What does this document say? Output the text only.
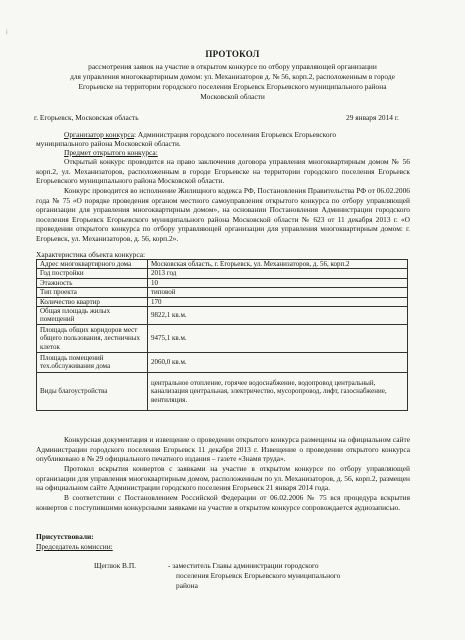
⁞
ПРОТОКОЛ
рассмотрения заявок на участие в открытом конкурсе по отбору управляющей организации
для управления многоквартирным домом: ул. Механизаторов д. № 56, корп.2, расположенным в городе
Егорьевске на территории городского поселения Егорьевск Егорьевского муниципального района
Московской области
г. Егорьевск, Московская область	29 января 2014 г.
Организатор конкурса: Администрация городского поселения Егорьевск Егорьевского
муниципального района Московской области.
Предмет открытого конкурса:
Открытый конкурс проводится на право заключения договора управления многоквартирным домом № 56 корп.2, ул. Механизаторов, расположенным в городе Егорьевске на территории городского поселения Егорьевск Егорьевского муниципального района Московской области.
Конкурс проводится во исполнение Жилищного кодекса РФ, Постановления Правительства РФ от 06.02.2006 года № 75 «О порядке проведения органом местного самоуправления открытого конкурса по отбору управляющей организации для управления многоквартирным домом», на основании Постановления Администрации городского поселения Егорьевск Егорьевского муниципального района Московской области № 623 от 11 декабря 2013 г. «О проведении открытого конкурса по отбору управляющей организации для управления многоквартирным домом: г. Егорьевск, ул. Механизаторов, д. 56, корп.2».
Характеристика объекта конкурса:
Адрес многоквартирного дома	Московская область, г. Егорьевск, ул. Механизаторов, д. 56, корп.2
Год постройки	2013 год
Этажность	10
Тип проекта	типовой
Количество квартир	170
Общая площадь жилых помещений	9822,1 кв.м.
Площадь общих коридоров мест общего пользования, лестничных клеток	9475,1 кв.м.
Площадь помещений тех.обслуживания дома	2060,0 кв.м.
Виды благоустройства	центральное отопление, горячее водоснабжение, водопровод центральный, канализация центральная, электричество, мусоропровод, лифт, газоснабжение, вентиляция.
Конкурсная документация и извещение о проведении открытого конкурса размещены на официальном сайте Администрации городского поселения Егорьевск 11 декабря 2013 г. Извещение о проведении открытого конкурса опубликовано в № 29 официального печатного издания – газете «Знамя труда».
Протокол вскрытия конвертов с заявками на участие в открытом конкурсе по отбору управляющей организации для управления многоквартирным домом, расположенным по ул. Механизаторов, д. 56, корп.2, размещен на официальном сайте Администрации городского поселения Егорьевск 21 января 2014 года.
В соответствии с Постановлением Российской Федерации от 06.02.2006 № 75 вся процедура вскрытия конвертов с поступившими конкурсными заявками на участие в открытом конкурсе сопровождается аудиозаписью.
Присутствовали:
Председатель комиссии:
Щеглюк В.П.	- заместитель Главы администрации городского
поселения Егорьевск Егорьевского муниципального
района
